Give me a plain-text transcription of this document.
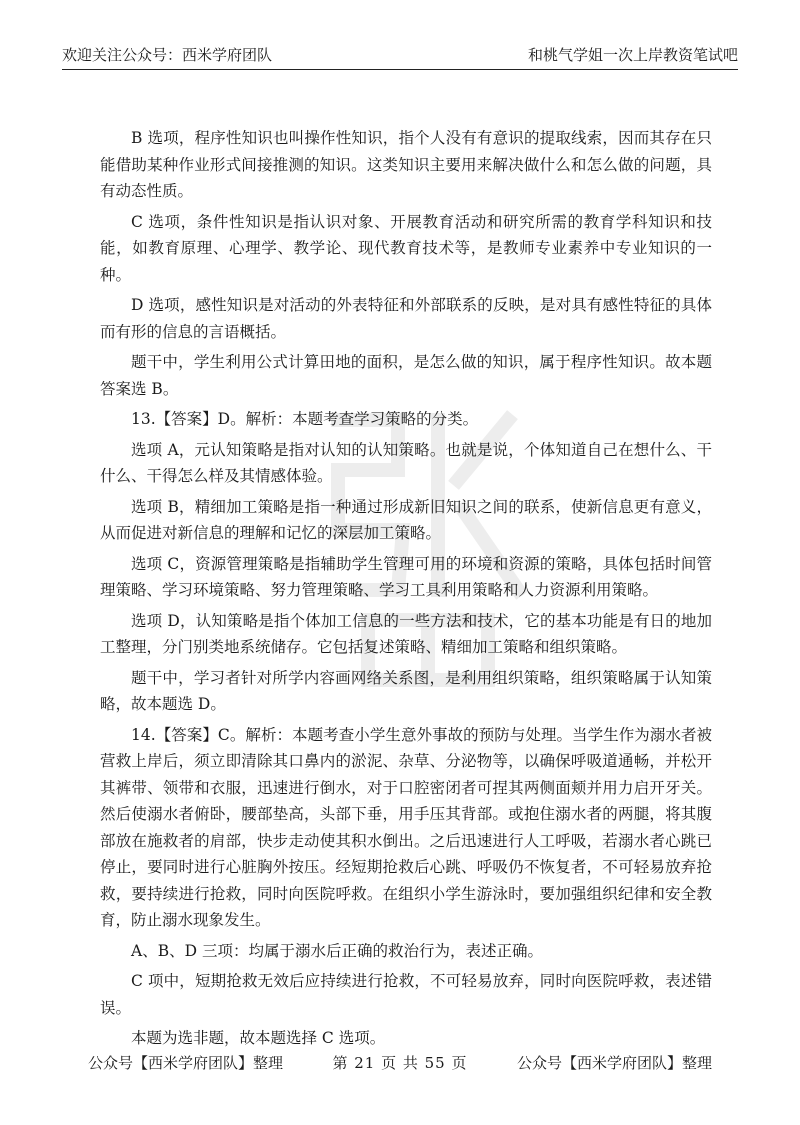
欢迎关注公众号：西米学府团队	和桃气学姐一次上岸教资笔试吧

B 选项，程序性知识也叫操作性知识，指个人没有有意识的提取线索，因而其存在只能借助某种作业形式间接推测的知识。这类知识主要用来解决做什么和怎么做的问题，具有动态性质。

C 选项，条件性知识是指认识对象、开展教育活动和研究所需的教育学科知识和技能，如教育原理、心理学、教学论、现代教育技术等，是教师专业素养中专业知识的一种。

D 选项，感性知识是对活动的外表特征和外部联系的反映，是对具有感性特征的具体而有形的信息的言语概括。

题干中，学生利用公式计算田地的面积，是怎么做的知识，属于程序性知识。故本题答案选 B。

13.【答案】D。解析：本题考查学习策略的分类。

选项 A，元认知策略是指对认知的认知策略。也就是说，个体知道自己在想什么、干什么、干得怎么样及其情感体验。

选项 B，精细加工策略是指一种通过形成新旧知识之间的联系，使新信息更有意义，从而促进对新信息的理解和记忆的深层加工策略。

选项 C，资源管理策略是指辅助学生管理可用的环境和资源的策略，具体包括时间管理策略、学习环境策略、努力管理策略、学习工具利用策略和人力资源利用策略。

选项 D，认知策略是指个体加工信息的一些方法和技术，它的基本功能是有日的地加工整理，分门别类地系统储存。它包括复述策略、精细加工策略和组织策略。

题干中，学习者针对所学内容画网络关系图，是利用组织策略，组织策略属于认知策略，故本题选 D。

14.【答案】C。解析：本题考查小学生意外事故的预防与处理。当学生作为溺水者被营救上岸后，须立即清除其口鼻内的淤泥、杂草、分泌物等，以确保呼吸道通畅，并松开其裤带、领带和衣服，迅速进行倒水，对于口腔密闭者可捏其两侧面颊并用力启开牙关。然后使溺水者俯卧，腰部垫高，头部下垂，用手压其背部。或抱住溺水者的两腿，将其腹部放在施救者的肩部，快步走动使其积水倒出。之后迅速进行人工呼吸，若溺水者心跳已停止，要同时进行心脏胸外按压。经短期抢救后心跳、呼吸仍不恢复者，不可轻易放弃抢救，要持续进行抢救，同时向医院呼救。在组织小学生游泳时，要加强组织纪律和安全教育，防止溺水现象发生。

A、B、D 三项：均属于溺水后正确的救治行为，表述正确。

C 项中，短期抢救无效后应持续进行抢救，不可轻易放弃，同时向医院呼救，表述错误。

本题为选非题，故本题选择 C 选项。

公众号【西米学府团队】整理	第 21 页 共 55 页	公众号【西米学府团队】整理
